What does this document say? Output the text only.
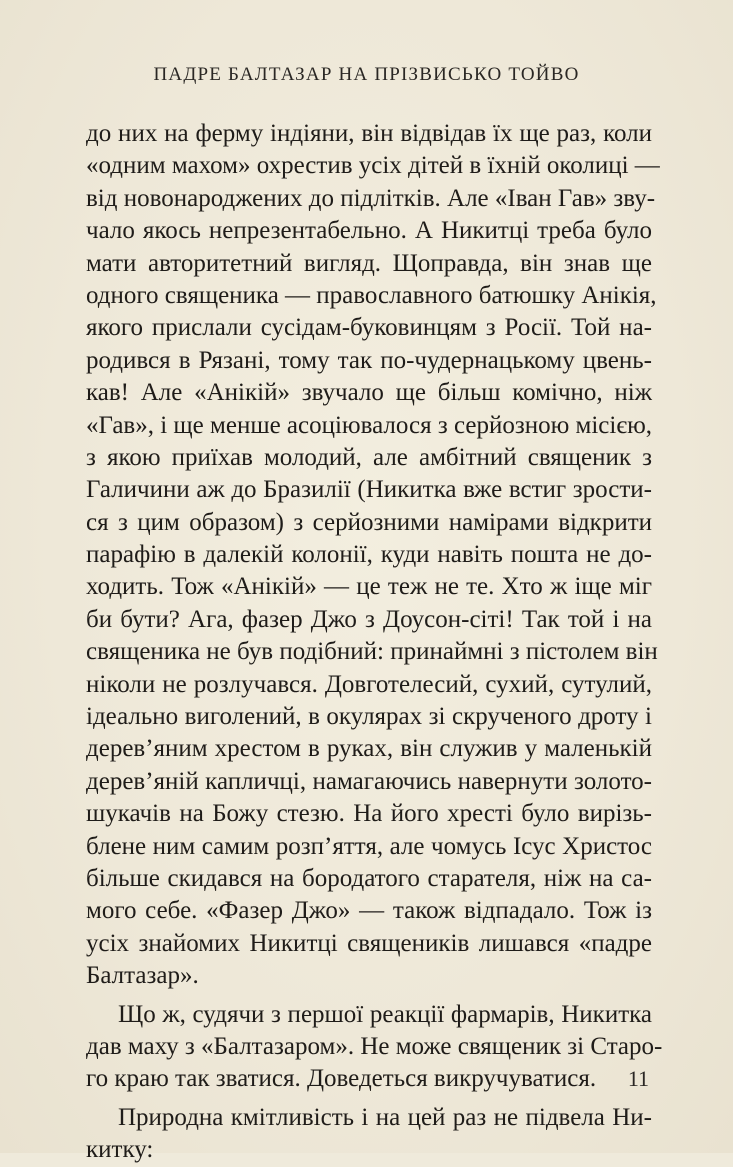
ПАДРЕ БАЛТАЗАР НА ПРІЗВИСЬКО ТОЙВО
до них на ферму індіяни, він відвідав їх ще раз, коли
«одним махом» охрестив усіх дітей в їхній околиці —
від новонароджених до підлітків. Але «Іван Гав» зву-
чало якось непрезентабельно. А Никитці треба було
мати авторитетний вигляд. Щоправда, він знав ще
одного священика — православного батюшку Анікія,
якого прислали сусідам-буковинцям з Росії. Той на-
родився в Рязані, тому так по-чудернацькому цвень-
кав! Але «Анікій» звучало ще більш комічно, ніж
«Гав», і ще менше асоціювалося з серйозною місією,
з якою приїхав молодий, але амбітний священик з
Галичини аж до Бразилії (Никитка вже встиг зрости-
ся з цим образом) з серйозними намірами відкрити
парафію в далекій колонії, куди навіть пошта не до-
ходить. Тож «Анікій» — це теж не те. Хто ж іще міг
би бути? Ага, фазер Джо з Доусон-сіті! Так той і на
священика не був подібний: принаймні з пістолем він
ніколи не розлучався. Довготелесий, сухий, сутулий,
ідеально виголений, в окулярах зі скрученого дроту і
дерев’яним хрестом в руках, він служив у маленькій
дерев’яній капличці, намагаючись навернути золото-
шукачів на Божу стезю. На його хресті було вирізь-
блене ним самим розп’яття, але чомусь Ісус Христос
більше скидався на бородатого старателя, ніж на са-
мого себе. «Фазер Джо» — також відпадало. Тож із
усіх знайомих Никитці священиків лишався «падре
Балтазар».
Що ж, судячи з першої реакції фармарів, Никитка
дав маху з «Балтазаром». Не може священик зі Старо-
го краю так зватися. Доведеться викручуватися.
Природна кмітливість і на цей раз не підвела Ни-
китку:
11
